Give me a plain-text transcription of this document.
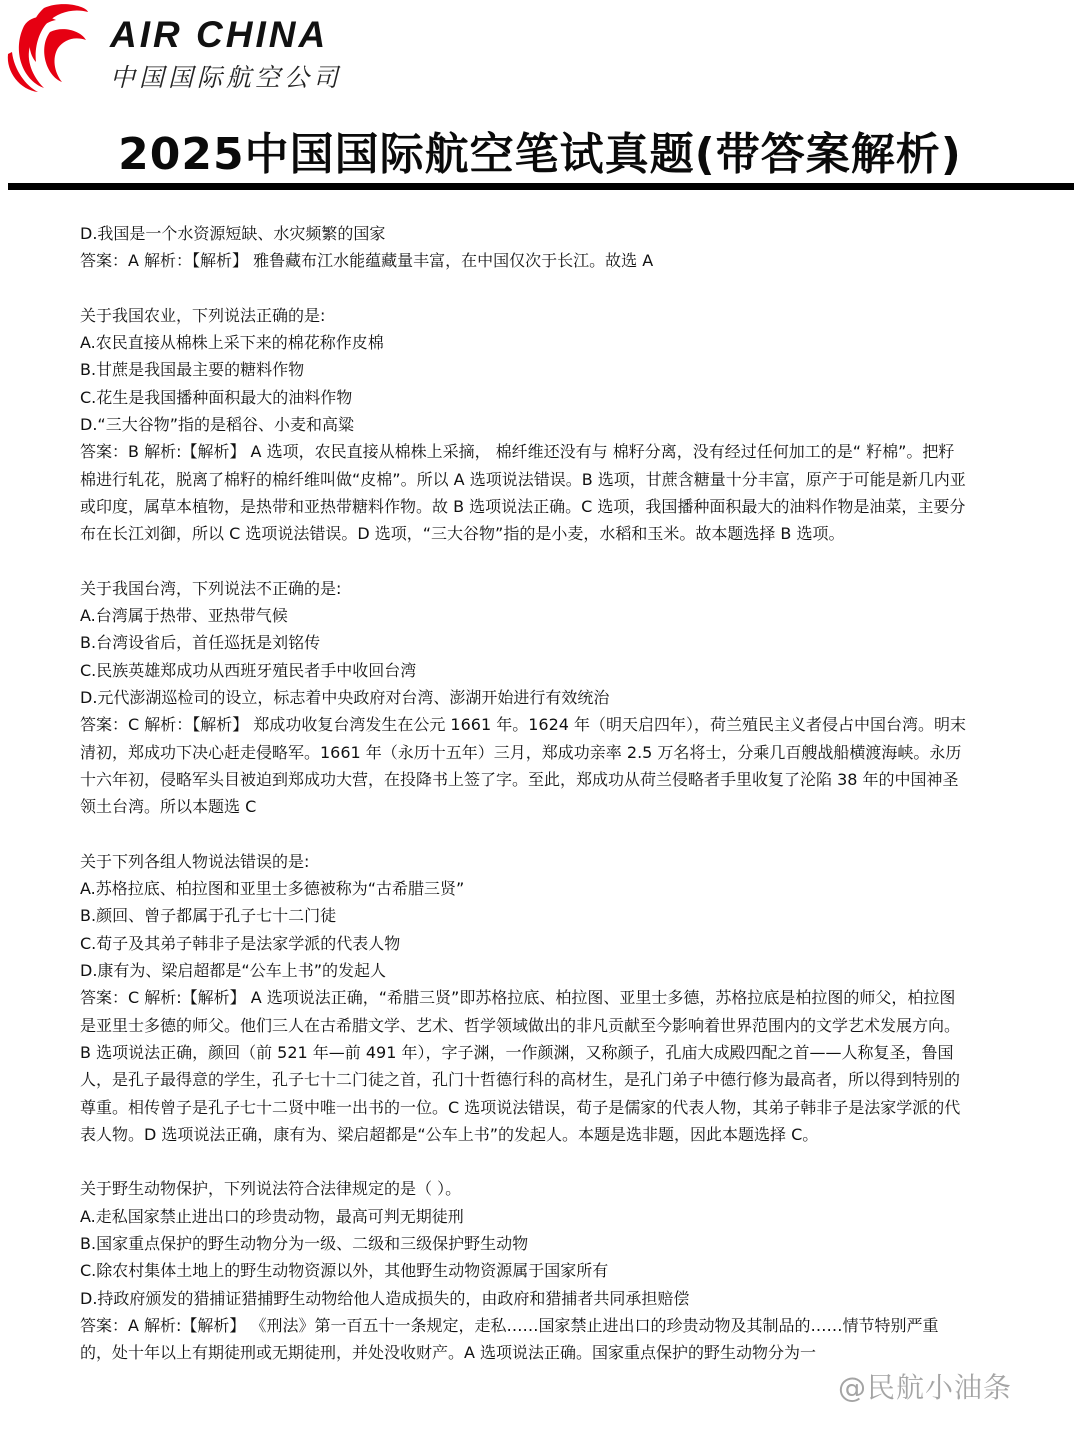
AIR CHINA
中国国际航空公司
2025中国国际航空笔试真题(带答案解析)

D.我国是一个水资源短缺、水灾频繁的国家

答案：A 解析：【解析】 雅鲁藏布江水能蕴藏量丰富，在中国仅次于长江。故选 A

关于我国农业，下列说法正确的是:

A.农民直接从棉株上采下来的棉花称作皮棉

B.甘蔗是我国最主要的糖料作物

C.花生是我国播种面积最大的油料作物

D.“三大谷物”指的是稻谷、小麦和高粱

答案：B 解析:【解析】 A 选项，农民直接从棉株上采摘， 棉纤维还没有与 棉籽分离，没有经过任何加工的是“ 籽棉”。把籽棉进行轧花，脱离了棉籽的棉纤维叫做“皮棉”。所以 A 选项说法错误。B 选项，甘蔗含糖量十分丰富，原产于可能是新几内亚或印度，属草本植物，是热带和亚热带糖料作物。故 B 选项说法正确。C 选项，我国播种面积最大的油料作物是油菜，主要分布在长江刘御，所以 C 选项说法错误。D 选项，“三大谷物”指的是小麦，水稻和玉米。故本题选择 B 选项。

关于我国台湾，下列说法不正确的是:

A.台湾属于热带、亚热带气候

B.台湾设省后，首任巡抚是刘铭传

C.民族英雄郑成功从西班牙殖民者手中收回台湾

D.元代澎湖巡检司的设立，标志着中央政府对台湾、澎湖开始进行有效统治

答案：C 解析：【解析】 郑成功收复台湾发生在公元 1661 年。1624 年（明天启四年），荷兰殖民主义者侵占中国台湾。明末清初，郑成功下决心赶走侵略军。1661 年（永历十五年）三月，郑成功亲率 2.5 万名将士，分乘几百艘战船横渡海峡。永历十六年初，侵略军头目被迫到郑成功大营，在投降书上签了字。至此，郑成功从荷兰侵略者手里收复了沦陷 38 年的中国神圣领土台湾。所以本题选 C

关于下列各组人物说法错误的是:

A.苏格拉底、柏拉图和亚里士多德被称为“古希腊三贤”

B.颜回、曾子都属于孔子七十二门徒

C.荀子及其弟子韩非子是法家学派的代表人物

D.康有为、梁启超都是“公车上书”的发起人

答案：C 解析:【解析】 A 选项说法正确，“希腊三贤”即苏格拉底、柏拉图、亚里士多德，苏格拉底是柏拉图的师父，柏拉图是亚里士多德的师父。他们三人在古希腊文学、艺术、哲学领域做出的非凡贡献至今影响着世界范围内的文学艺术发展方向。B 选项说法正确，颜回（前 521 年—前 491 年），字子渊，一作颜渊，又称颜子，孔庙大成殿四配之首——人称复圣，鲁国人，是孔子最得意的学生，孔子七十二门徒之首，孔门十哲德行科的高材生，是孔门弟子中德行修为最高者，所以得到特别的尊重。相传曾子是孔子七十二贤中唯一出书的一位。C 选项说法错误，荀子是儒家的代表人物，其弟子韩非子是法家学派的代表人物。D 选项说法正确，康有为、梁启超都是“公车上书”的发起人。本题是选非题，因此本题选择 C。

关于野生动物保护，下列说法符合法律规定的是（ ）。

A.走私国家禁止进出口的珍贵动物，最高可判无期徒刑

B.国家重点保护的野生动物分为一级、二级和三级保护野生动物

C.除农村集体土地上的野生动物资源以外，其他野生动物资源属于国家所有

D.持政府颁发的猎捕证猎捕野生动物给他人造成损失的，由政府和猎捕者共同承担赔偿

答案：A 解析:【解析】 《刑法》第一百五十一条规定，走私……国家禁止进出口的珍贵动物及其制品的……情节特别严重的，处十年以上有期徒刑或无期徒刑，并处没收财产。A 选项说法正确。国家重点保护的野生动物分为一

@民航小油条
